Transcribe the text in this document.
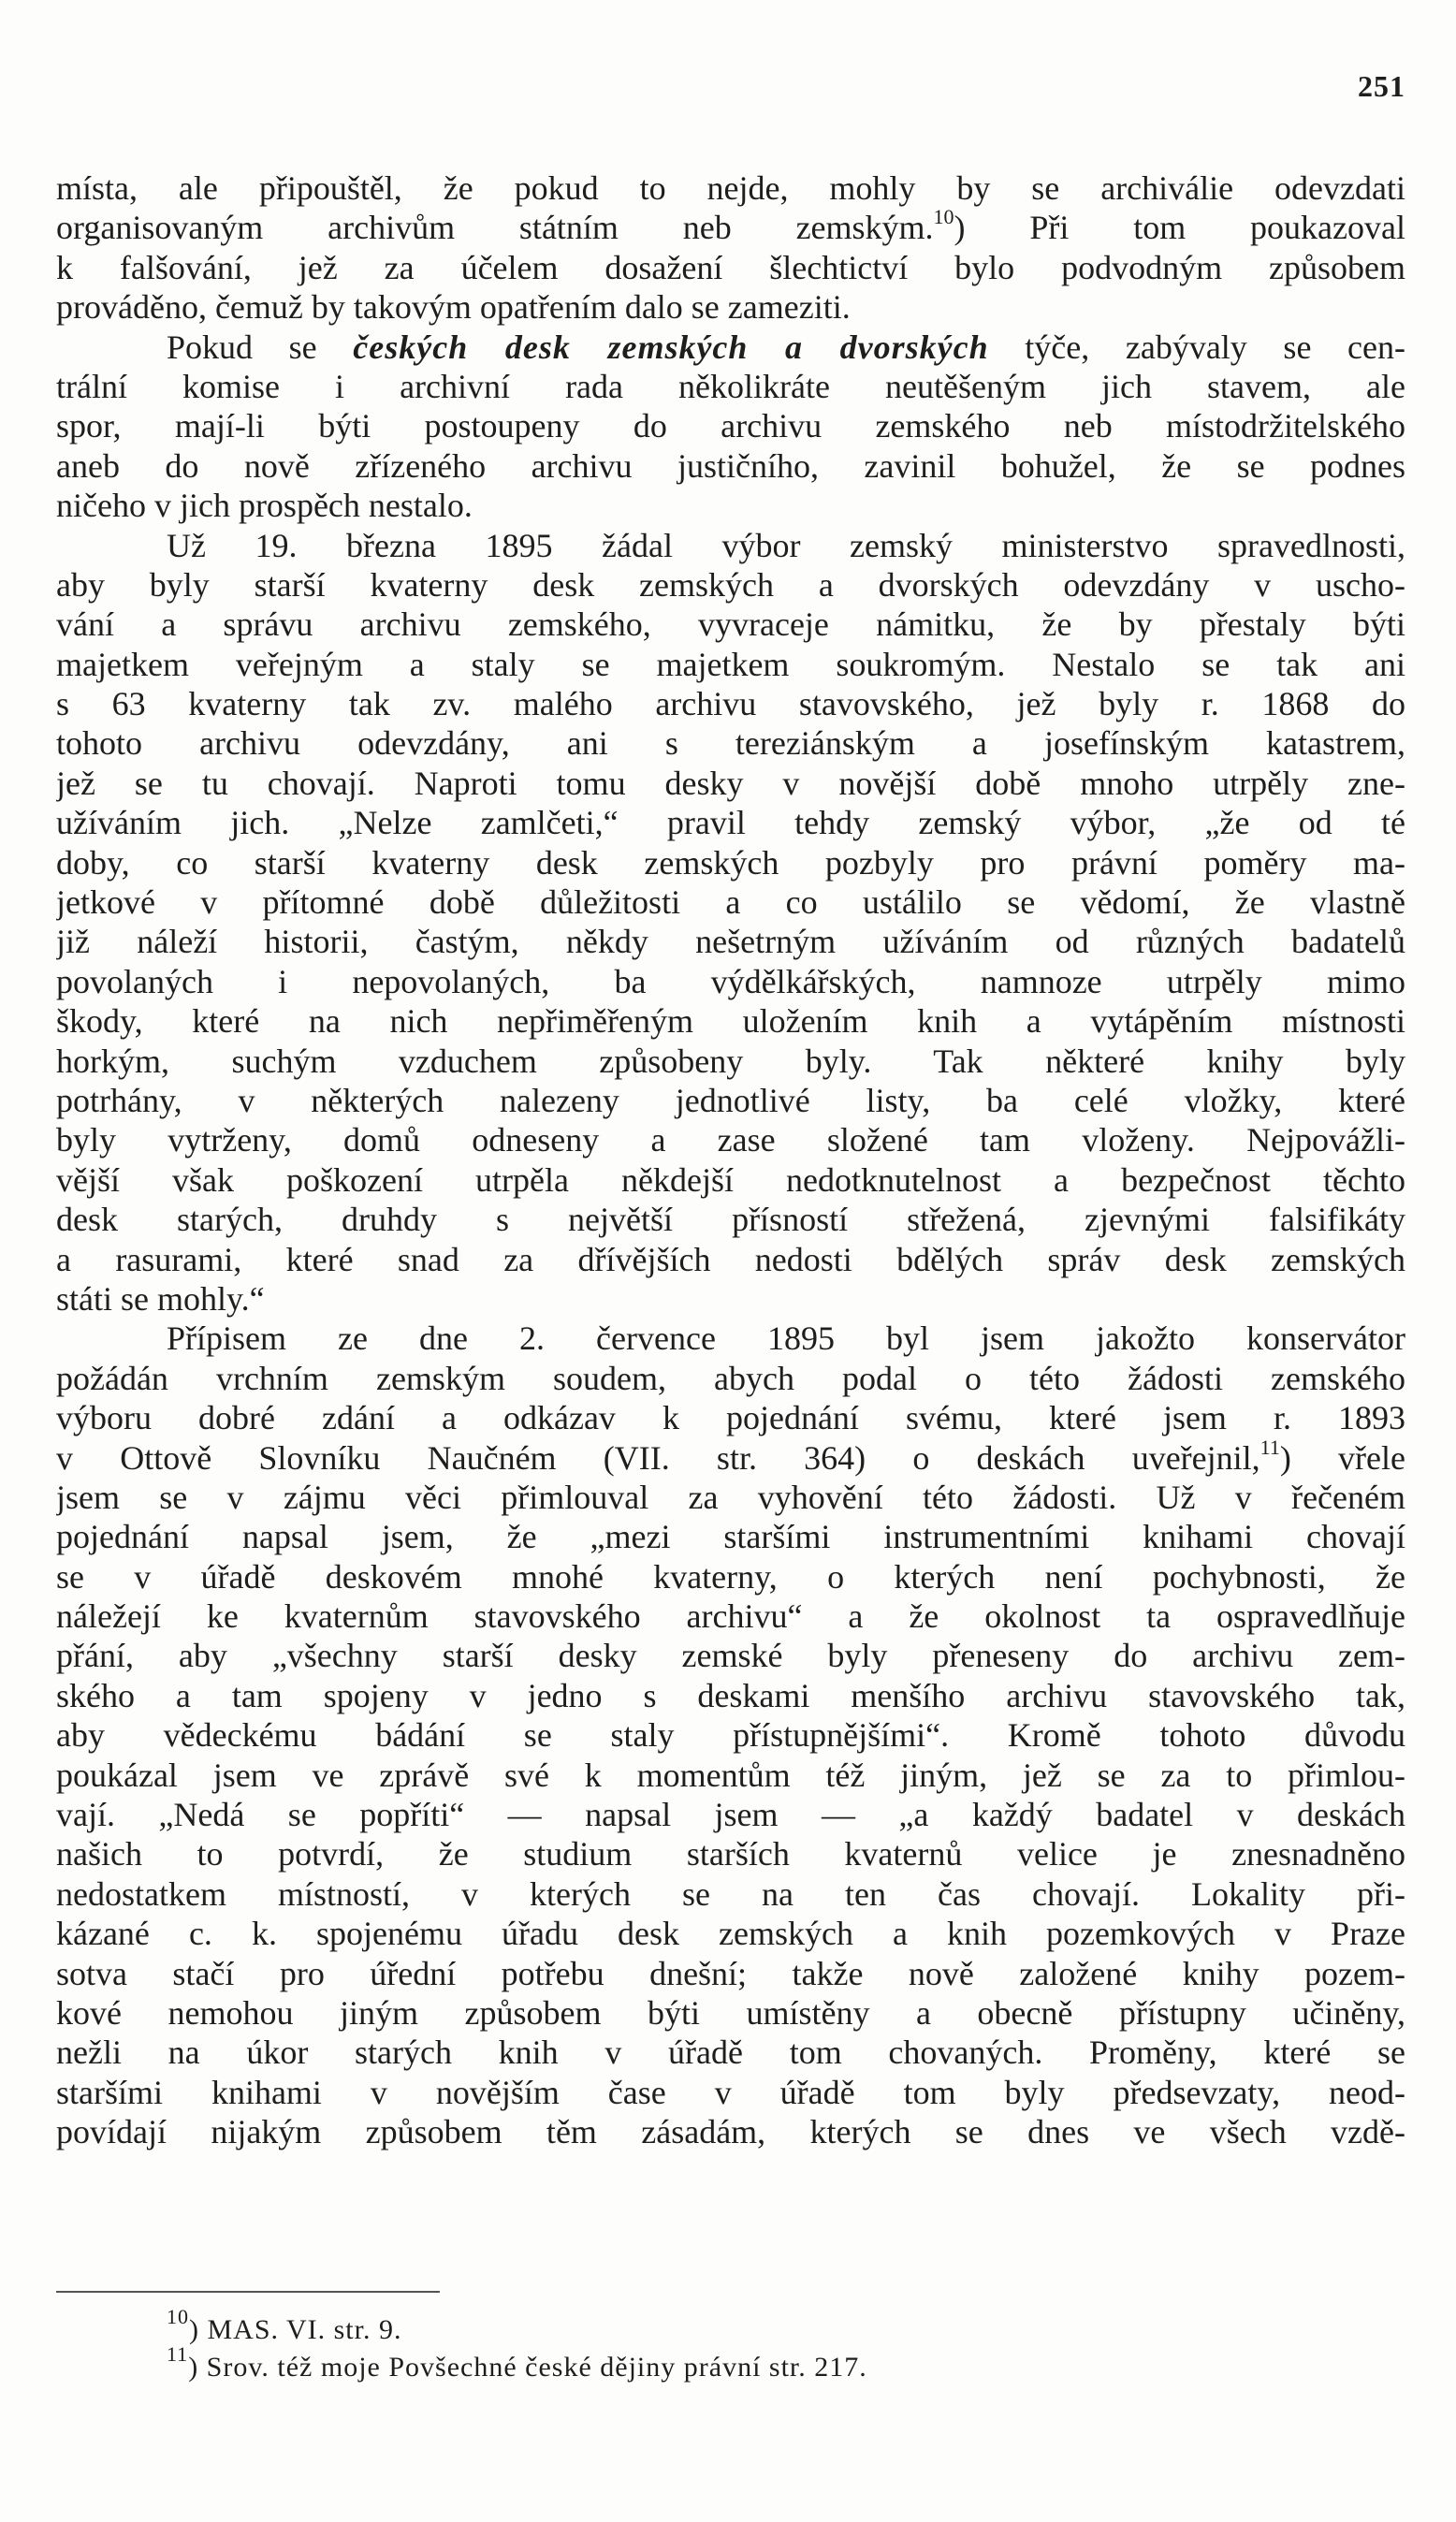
251
místa, ale připouštěl, že pokud to nejde, mohly by se archiválie odevzdati
organisovaným archivům státním neb zemským.$^{10}$) Při tom poukazoval
k falšování, jež za účelem dosažení šlechtictví bylo podvodným způsobem
prováděno, čemuž by takovým opatřením dalo se zameziti.
Pokud se českých desk zemských a dvorských týče, zabývaly se cen-
trální komise i archivní rada několikráte neutěšeným jich stavem, ale
spor, mají-li býti postoupeny do archivu zemského neb místodržitelského
aneb do nově zřízeného archivu justičního, zavinil bohužel, že se podnes
ničeho v jich prospěch nestalo.
Už 19. března 1895 žádal výbor zemský ministerstvo spravedlnosti,
aby byly starší kvaterny desk zemských a dvorských odevzdány v uscho-
vání a správu archivu zemského, vyvraceje námitku, že by přestaly býti
majetkem veřejným a staly se majetkem soukromým. Nestalo se tak ani
s 63 kvaterny tak zv. malého archivu stavovského, jež byly r. 1868 do
tohoto archivu odevzdány, ani s tereziánským a josefínským katastrem,
jež se tu chovají. Naproti tomu desky v novější době mnoho utrpěly zne-
užíváním jich. „Nelze zamlčeti,“ pravil tehdy zemský výbor, „že od té
doby, co starší kvaterny desk zemských pozbyly pro právní poměry ma-
jetkové v přítomné době důležitosti a co ustálilo se vědomí, že vlastně
již náleží historii, častým, někdy nešetrným užíváním od různých badatelů
povolaných i nepovolaných, ba výdělkářských, namnoze utrpěly mimo
škody, které na nich nepřiměřeným uložením knih a vytápěním místnosti
horkým, suchým vzduchem způsobeny byly. Tak některé knihy byly
potrhány, v některých nalezeny jednotlivé listy, ba celé vložky, které
byly vytrženy, domů odneseny a zase složené tam vloženy. Nejpovážli-
vější však poškození utrpěla někdejší nedotknutelnost a bezpečnost těchto
desk starých, druhdy s největší přísností střežená, zjevnými falsifikáty
a rasurami, které snad za dřívějších nedosti bdělých správ desk zemských
státi se mohly.“
Přípisem ze dne 2. července 1895 byl jsem jakožto konservátor
požádán vrchním zemským soudem, abych podal o této žádosti zemského
výboru dobré zdání a odkázav k pojednání svému, které jsem r. 1893
v Ottově Slovníku Naučném (VII. str. 364) o deskách uveřejnil,$^{11}$) vřele
jsem se v zájmu věci přimlouval za vyhovění této žádosti. Už v řečeném
pojednání napsal jsem, že „mezi staršími instrumentními knihami chovají
se v úřadě deskovém mnohé kvaterny, o kterých není pochybnosti, že
náležejí ke kvaternům stavovského archivu“ a že okolnost ta ospravedlňuje
přání, aby „všechny starší desky zemské byly přeneseny do archivu zem-
ského a tam spojeny v jedno s deskami menšího archivu stavovského tak,
aby vědeckému bádání se staly přístupnějšími“. Kromě tohoto důvodu
poukázal jsem ve zprávě své k momentům též jiným, jež se za to přimlou-
vají. „Nedá se popříti“ — napsal jsem — „a každý badatel v deskách
našich to potvrdí, že studium starších kvaternů velice je znesnadněno
nedostatkem místností, v kterých se na ten čas chovají. Lokality při-
kázané c. k. spojenému úřadu desk zemských a knih pozemkových v Praze
sotva stačí pro úřední potřebu dnešní; takže nově založené knihy pozem-
kové nemohou jiným způsobem býti umístěny a obecně přístupny učiněny,
nežli na úkor starých knih v úřadě tom chovaných. Proměny, které se
staršími knihami v novějším čase v úřadě tom byly předsevzaty, neod-
povídají nijakým způsobem těm zásadám, kterých se dnes ve všech vzdě-
$^{10}$) MAS. VI. str. 9.
$^{11}$) Srov. též moje Povšechné české dějiny právní str. 217.
